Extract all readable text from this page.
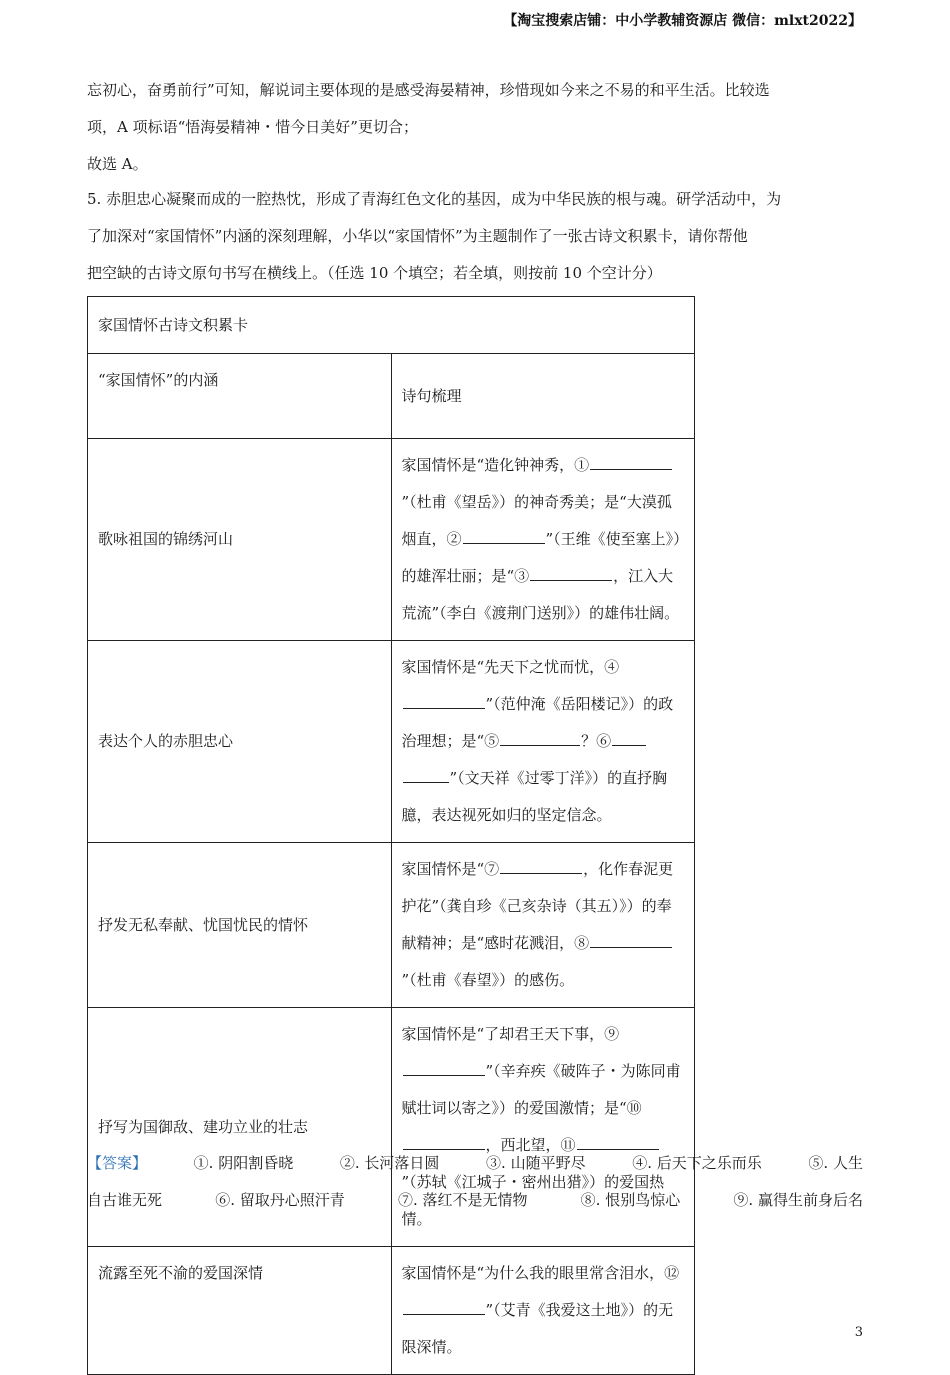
【淘宝搜索店铺：中小学教辅资源店 微信：mlxt2022】
忘初心，奋勇前行”可知，解说词主要体现的是感受海晏精神，珍惜现如今来之不易的和平生活。比较选
项，A 项标语“悟海晏精神・惜今日美好”更切合；
故选 A。
5. 赤胆忠心凝聚而成的一腔热忱，形成了青海红色文化的基因，成为中华民族的根与魂。研学活动中，为
了加深对“家国情怀”内涵的深刻理解，小华以“家国情怀”为主题制作了一张古诗文积累卡，请你帮他
把空缺的古诗文原句书写在横线上。（任选 10 个填空；若全填，则按前 10 个空计分）
家国情怀古诗文积累卡	
“家国情怀”的内涵	诗句梳理
歌咏祖国的锦绣河山	家国情怀是“造化钟神秀，①”（杜甫《望岳》）的神奇秀美；是“大漠孤烟直，② ”（王维《使至塞上》）的雄浑壮丽；是“③ ，江入大荒流”（李白《渡荆门送别》）的雄伟壮阔。
表达个人的赤胆忠心	家国情怀是“先天下之忧而忧，④”（范仲淹《岳阳楼记》）的政治理想；是“⑤ ？⑥”（文天祥《过零丁洋》）的直抒胸臆，表达视死如归的坚定信念。
抒发无私奉献、忧国忧民的情怀	家国情怀是“⑦ ，化作春泥更护花”（龚自珍《己亥杂诗（其五）》）的奉献精神；是“感时花溅泪，⑧”（杜甫《春望》）的感伤。
抒写为国御敌、建功立业的壮志	家国情怀是“了却君王天下事，⑨”（辛弃疾《破阵子・为陈同甫赋壮词以寄之》）的爱国激情；是“⑩，西北望，⑪”（苏轼《江城子・密州出猎》）的爱国热情。
流露至死不渝的爱国深情	家国情怀是“为什么我的眼里常含泪水，⑫”（艾青《我爱这土地》）的无限深情。
【答案】	①. 阴阳割昏晓	②. 长河落日圆	③. 山随平野尽	④. 后天下之乐而乐	⑤. 人生
自古谁无死	⑥. 留取丹心照汗青	⑦. 落红不是无情物	⑧. 恨别鸟惊心	⑨. 赢得生前身后名
3
